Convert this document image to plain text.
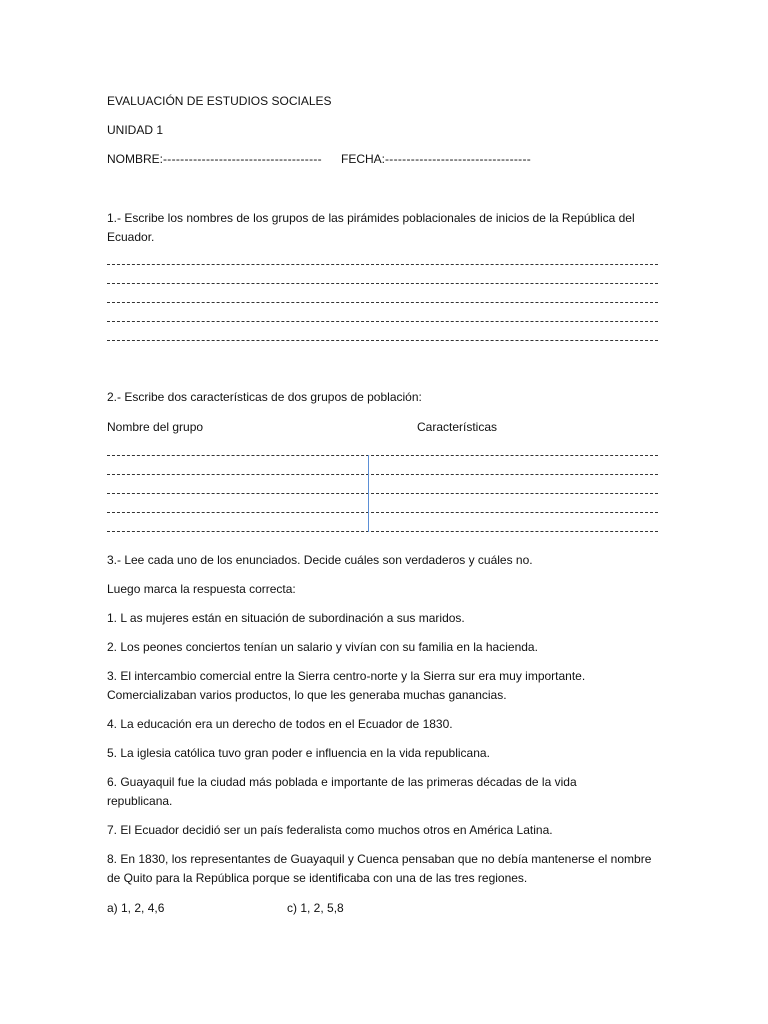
EVALUACIÓN DE ESTUDIOS SOCIALES
UNIDAD 1
NOMBRE: ------------------------------------- FECHA: ----------------------------------
1.- Escribe los nombres de los grupos de las pirámides poblacionales de inicios de la República del Ecuador.
2.- Escribe dos características de dos grupos de población:
Nombre del grupo	Características
3.- Lee cada uno de los enunciados. Decide cuáles son verdaderos y cuáles no.
Luego marca la respuesta correcta:
1. L as mujeres están en situación de subordinación a sus maridos.
2. Los peones conciertos tenían un salario y vivían con su familia en la hacienda.
3. El intercambio comercial entre la Sierra centro-norte y la Sierra sur era muy importante. Comercializaban varios productos, lo que les generaba muchas ganancias.
4. La educación era un derecho de todos en el Ecuador de 1830.
5. La iglesia católica tuvo gran poder e influencia en la vida republicana.
6. Guayaquil fue la ciudad más poblada e importante de las primeras décadas de la vida republicana.
7. El Ecuador decidió ser un país federalista como muchos otros en América Latina.
8. En 1830, los representantes de Guayaquil y Cuenca pensaban que no debía mantenerse el nombre de Quito para la República porque se identificaba con una de las tres regiones.
a) 1, 2, 4,6	c) 1, 2, 5,8
